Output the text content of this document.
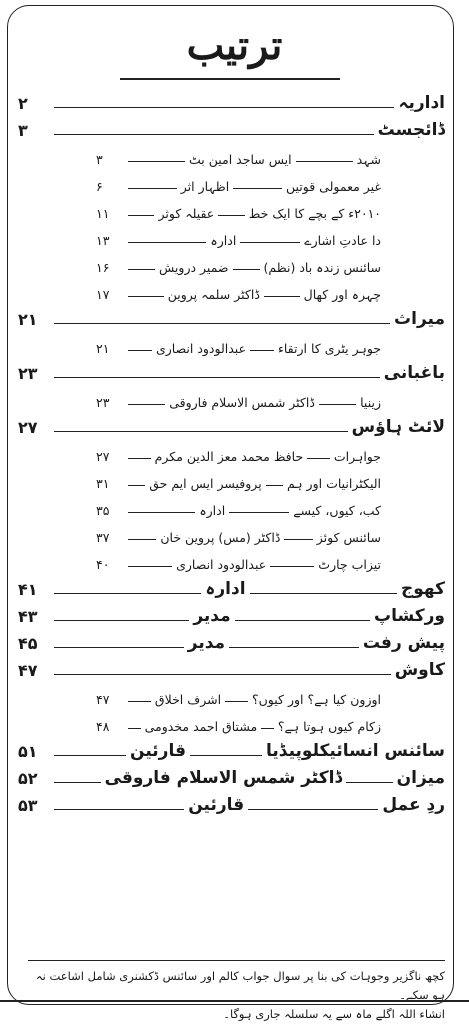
ترتیب
اداریہ
۲
ڈائجسٹ
۳
شہد
ایس ساجد امین بٹ
۳
غیر معمولی قوتیں
اظہار اثر
۶
۲۰۱۰ء کے بچے کا ایک خط
عقیلہ کوثر
۱۱
دا عادتِ اشارے
ادارہ
۱۳
سائنس زندہ باد (نظم)
ضمیر درویش
۱۶
چہرہ اور کھال
ڈاکٹر سلمہ پروین
۱۷
میراث
۲۱
جوہر یٹری کا ارتقاء
عبدالودود انصاری
۲۱
باغبانی
۲۳
زینیا
ڈاکٹر شمس الاسلام فاروقی
۲۳
لائٹ ہاؤس
۲۷
جواہرات
حافظ محمد معز الدین مکرم
۲۷
الیکٹرانیات اور ہم
پروفیسر ایس ایم حق
۳۱
کب، کیوں، کیسے
ادارہ
۳۵
سائنس کوئز
ڈاکٹر (مس) پروین خان
۳۷
تیزاب چارٹ
عبدالودود انصاری
۴۰
کھوج
ادارہ
۴۱
ورکشاپ
مدیر
۴۳
پیش رفت
مدیر
۴۵
کاوش
۴۷
اوزون کیا ہے؟ اور کیوں؟
اشرف اخلاق
۴۷
زکام کیوں ہوتا ہے؟
مشتاق احمد مخدومی
۴۸
سائنس انسائیکلوپیڈیا
قارئین
۵۱
میزان
ڈاکٹر شمس الاسلام فاروقی
۵۲
ردِ عمل
قارئین
۵۳
کچھ ناگزیر وجوہات کی بنا پر سوال جواب کالم اور سائنس ڈکشنری شامل اشاعت نہ ہو سکے۔
انشاء اللہ اگلے ماہ سے یہ سلسلہ جاری ہوگا۔
